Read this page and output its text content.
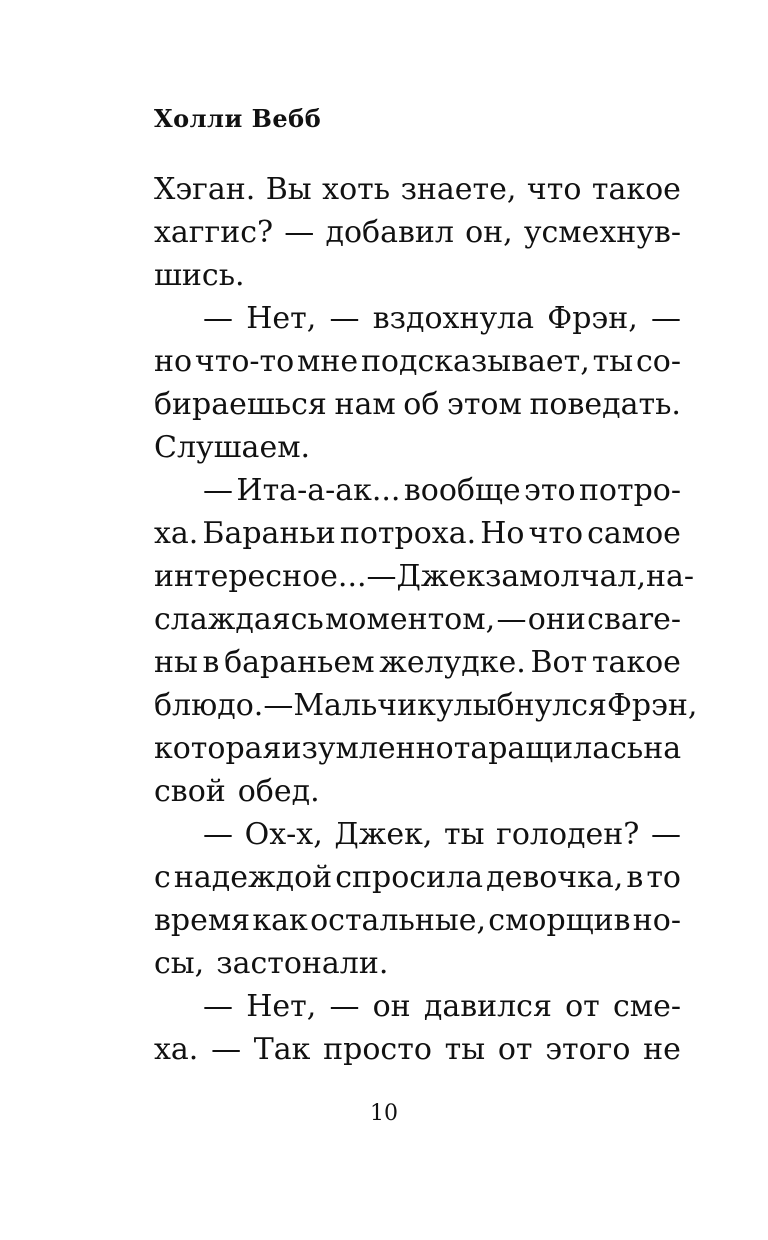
Холли Вебб
Хэган. Вы хоть знаете, что такое
хаггис? — добавил он, усмехнув-
шись.
— Нет, — вздохнула Фрэн, —
но что-то мне подсказывает, ты со-
бираешься нам об этом поведать.
Слушаем.
— Ита-а-ак... вообще это потро-
ха. Бараньи потроха. Но что самое
интересное... — Джек замолчал, на-
слаждаясь моментом, — они свare-
ны в бараньем желудке. Вот такое
блюдо. — Мальчик улыбнулся Фрэн,
которая изумленно таращилась на
свой обед.
— Ох-х, Джек, ты голоден? —
с надеждой спросила девочка, в то
время как остальные, сморщив но-
сы, застонали.
— Нет, — он давился от сме-
ха. — Так просто ты от этого не
10
